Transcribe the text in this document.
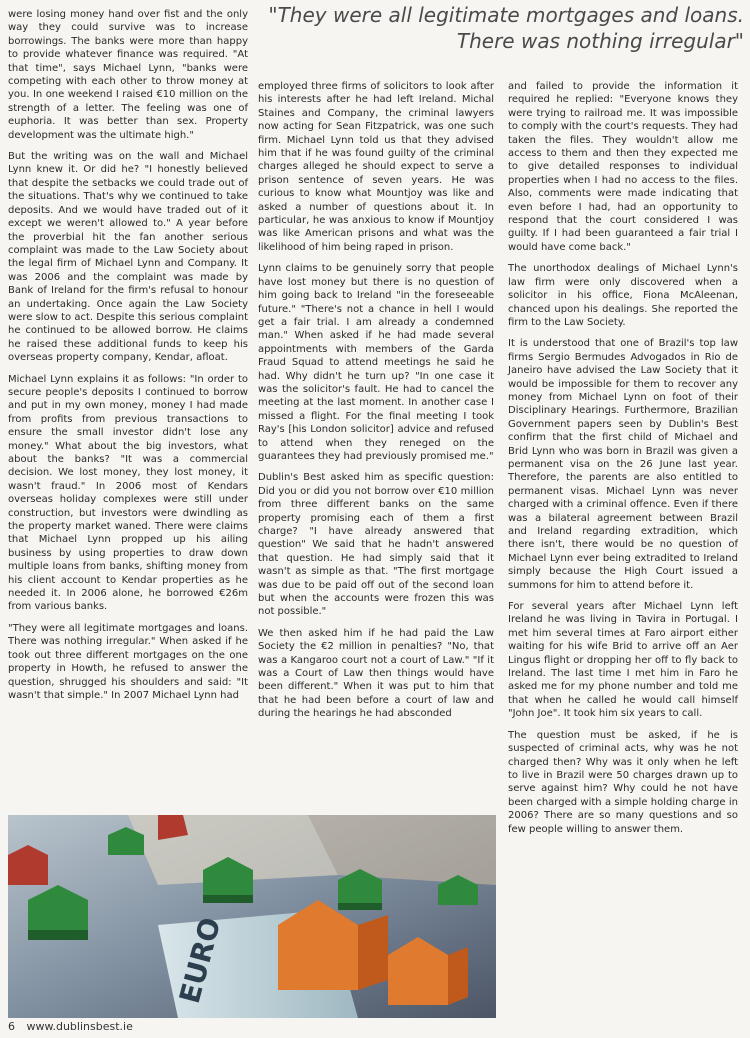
"They were all legitimate mortgages and loans. There was nothing irregular"

were losing money hand over fist and the only way they could survive was to increase borrowings. The banks were more than happy to provide whatever finance was required. "At that time", says Michael Lynn, "banks were competing with each other to throw money at you. In one weekend I raised €10 million on the strength of a letter. The feeling was one of euphoria. It was better than sex. Property development was the ultimate high."

But the writing was on the wall and Michael Lynn knew it. Or did he? "I honestly believed that despite the setbacks we could trade out of the situations. That's why we continued to take deposits. And we would have traded out of it except we weren't allowed to." A year before the proverbial hit the fan another serious complaint was made to the Law Society about the legal firm of Michael Lynn and Company. It was 2006 and the complaint was made by Bank of Ireland for the firm's refusal to honour an undertaking. Once again the Law Society were slow to act. Despite this serious complaint he continued to be allowed borrow. He claims he raised these additional funds to keep his overseas property company, Kendar, afloat.

Michael Lynn explains it as follows: "In order to secure people's deposits I continued to borrow and put in my own money, money I had made from profits from previous transactions to ensure the small investor didn't lose any money." What about the big investors, what about the banks? "It was a commercial decision. We lost money, they lost money, it wasn't fraud." In 2006 most of Kendars overseas holiday complexes were still under construction, but investors were dwindling as the property market waned. There were claims that Michael Lynn propped up his ailing business by using properties to draw down multiple loans from banks, shifting money from his client account to Kendar properties as he needed it. In 2006 alone, he borrowed €26m from various banks.

"They were all legitimate mortgages and loans. There was nothing irregular." When asked if he took out three different mortgages on the one property in Howth, he refused to answer the question, shrugged his shoulders and said: "It wasn't that simple." In 2007 Michael Lynn had

employed three firms of solicitors to look after his interests after he had left Ireland. Michal Staines and Company, the criminal lawyers now acting for Sean Fitzpatrick, was one such firm. Michael Lynn told us that they advised him that if he was found guilty of the criminal charges alleged he should expect to serve a prison sentence of seven years. He was curious to know what Mountjoy was like and asked a number of questions about it. In particular, he was anxious to know if Mountjoy was like American prisons and what was the likelihood of him being raped in prison.

Lynn claims to be genuinely sorry that people have lost money but there is no question of him going back to Ireland "in the foreseeable future." "There's not a chance in hell I would get a fair trial. I am already a condemned man." When asked if he had made several appointments with members of the Garda Fraud Squad to attend meetings he said he had. Why didn't he turn up? "In one case it was the solicitor's fault. He had to cancel the meeting at the last moment. In another case I missed a flight. For the final meeting I took Ray's [his London solicitor] advice and refused to attend when they reneged on the guarantees they had previously promised me."

Dublin's Best asked him as specific question: Did you or did you not borrow over €10 million from three different banks on the same property promising each of them a first charge? "I have already answered that question" We said that he hadn't answered that question. He had simply said that it wasn't as simple as that. "The first mortgage was due to be paid off out of the second loan but when the accounts were frozen this was not possible."

We then asked him if he had paid the Law Society the €2 million in penalties? "No, that was a Kangaroo court not a court of Law." "If it was a Court of Law then things would have been different." When it was put to him that that he had been before a court of law and during the hearings he had absconded

and failed to provide the information it required he replied: "Everyone knows they were trying to railroad me. It was impossible to comply with the court's requests. They had taken the files. They wouldn't allow me access to them and then they expected me to give detailed responses to individual properties when I had no access to the files. Also, comments were made indicating that even before I had, had an opportunity to respond that the court considered I was guilty. If I had been guaranteed a fair trial I would have come back."

The unorthodox dealings of Michael Lynn's law firm were only discovered when a solicitor in his office, Fiona McAleenan, chanced upon his dealings. She reported the firm to the Law Society.

It is understood that one of Brazil's top law firms Sergio Bermudes Advogados in Rio de Janeiro have advised the Law Society that it would be impossible for them to recover any money from Michael Lynn on foot of their Disciplinary Hearings. Furthermore, Brazilian Government papers seen by Dublin's Best confirm that the first child of Michael and Brid Lynn who was born in Brazil was given a permanent visa on the 26 June last year. Therefore, the parents are also entitled to permanent visas. Michael Lynn was never charged with a criminal offence. Even if there was a bilateral agreement between Brazil and Ireland regarding extradition, which there isn't, there would be no question of Michael Lynn ever being extradited to Ireland simply because the High Court issued a summons for him to attend before it.

For several years after Michael Lynn left Ireland he was living in Tavira in Portugal. I met him several times at Faro airport either waiting for his wife Brid to arrive off an Aer Lingus flight or dropping her off to fly back to Ireland. The last time I met him in Faro he asked me for my phone number and told me that when he called he would call himself "John Joe". It took him six years to call.

The question must be asked, if he is suspected of criminal acts, why was he not charged then? Why was it only when he left to live in Brazil were 50 charges drawn up to serve against him? Why could he not have been charged with a simple holding charge in 2006? There are so many questions and so few people willing to answer them.

EURO
6 www.dublinsbest.ie
